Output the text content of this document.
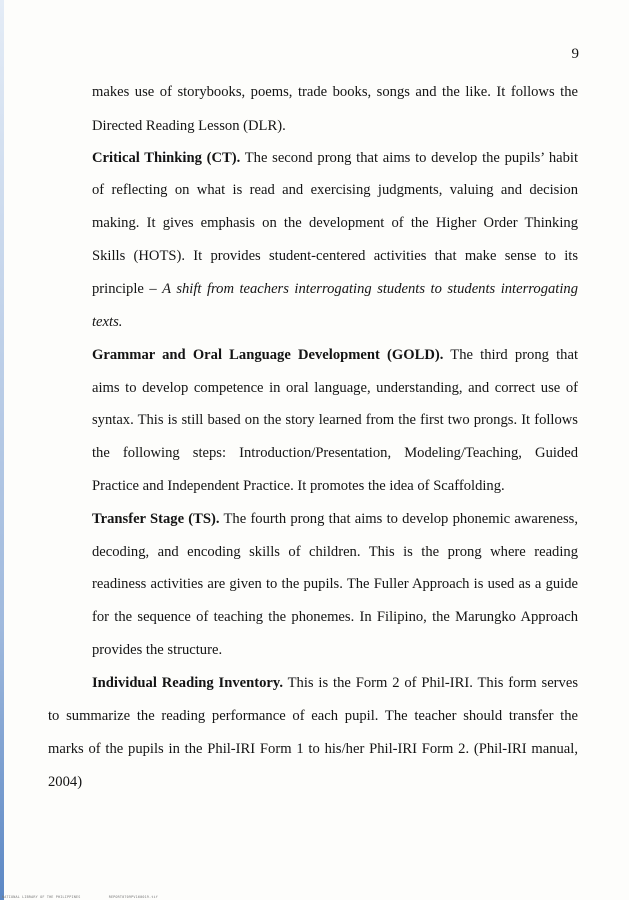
9
makes use of storybooks, poems, trade books, songs and the like. It follows the
Directed Reading Lesson (DLR).
Critical Thinking (CT). The second prong that aims to develop the pupils’ habit
of reflecting on what is read and exercising judgments, valuing and decision
making. It gives emphasis on the development of the Higher Order Thinking
Skills (HOTS). It provides student-centered activities that make sense to its
principle – A shift from teachers interrogating students to students interrogating
texts.
Grammar and Oral Language Development (GOLD). The third prong that
aims to develop competence in oral language, understanding, and correct use of
syntax. This is still based on the story learned from the first two prongs. It follows
the following steps: Introduction/Presentation, Modeling/Teaching, Guided
Practice and Independent Practice. It promotes the idea of Scaffolding.
Transfer Stage (TS). The fourth prong that aims to develop phonemic awareness,
decoding, and encoding skills of children. This is the prong where reading
readiness activities are given to the pupils. The Fuller Approach is used as a guide
for the sequence of teaching the phonemes. In Filipino, the Marungko Approach
provides the structure.
Individual Reading Inventory. This is the Form 2 of Phil-IRI. This form serves
to summarize the reading performance of each pupil. The teacher should transfer the
marks of the pupils in the Phil-IRI Form 1 to his/her Phil-IRI Form 2. (Phil-IRI manual,
2004)
NATIONAL LIBRARY OF THE PHILIPPINES	REPORT0709PV160019.tif
